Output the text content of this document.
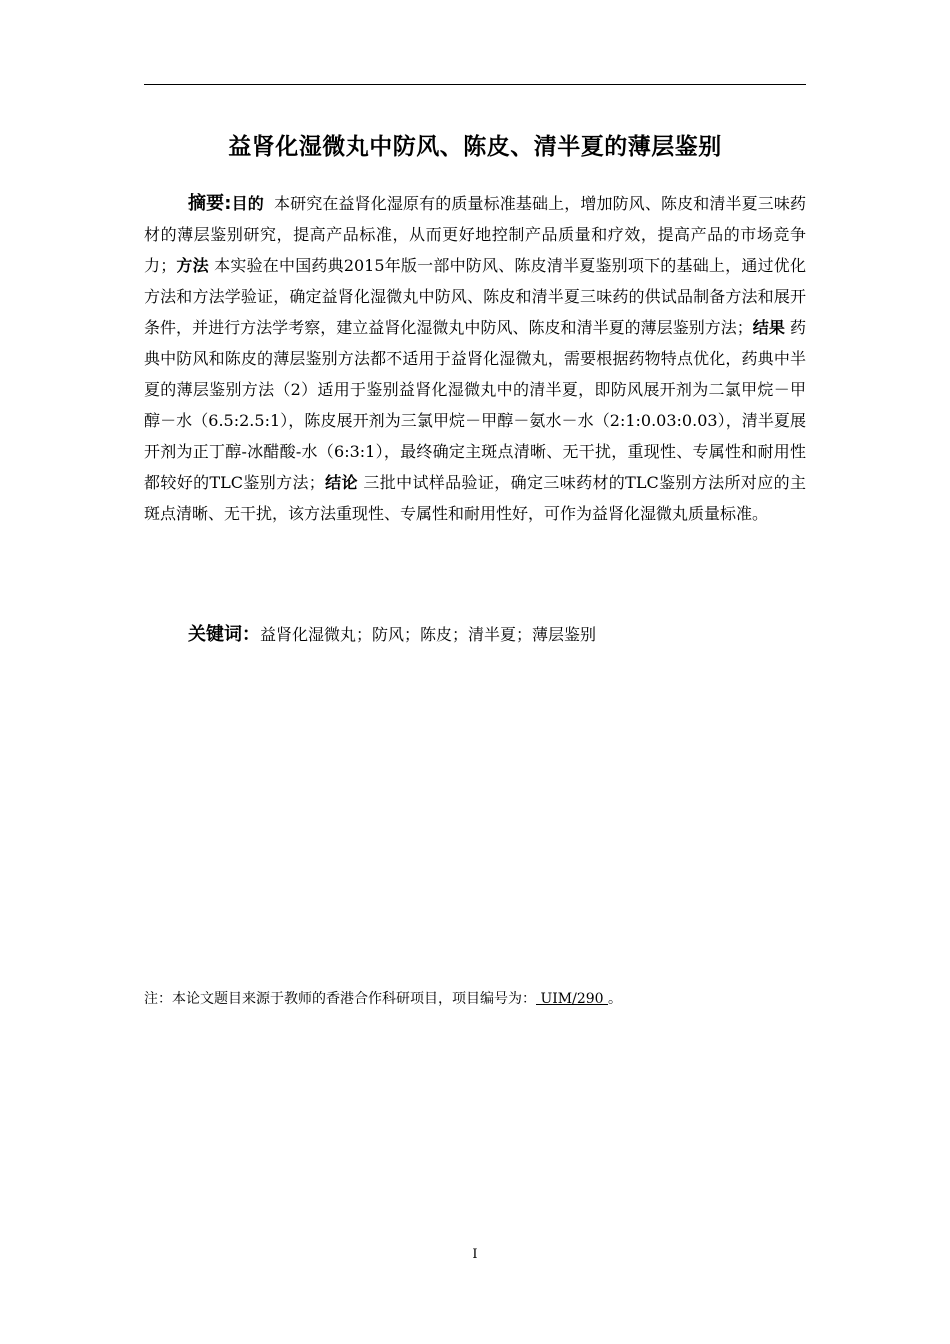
益肾化湿微丸中防风、陈皮、清半夏的薄层鉴别
摘要:目的 本研究在益肾化湿原有的质量标准基础上，增加防风、陈皮和清半夏三味药材的薄层鉴别研究，提高产品标准，从而更好地控制产品质量和疗效，提高产品的市场竞争力；方法 本实验在中国药典2015年版一部中防风、陈皮清半夏鉴别项下的基础上，通过优化方法和方法学验证，确定益肾化湿微丸中防风、陈皮和清半夏三味药的供试品制备方法和展开条件，并进行方法学考察，建立益肾化湿微丸中防风、陈皮和清半夏的薄层鉴别方法；结果 药典中防风和陈皮的薄层鉴别方法都不适用于益肾化湿微丸，需要根据药物特点优化，药典中半夏的薄层鉴别方法（2）适用于鉴别益肾化湿微丸中的清半夏，即防风展开剂为二氯甲烷－甲醇－水（6.5:2.5:1），陈皮展开剂为三氯甲烷－甲醇－氨水－水（2:1:0.03:0.03），清半夏展开剂为正丁醇-冰醋酸-水（6:3:1），最终确定主斑点清晰、无干扰，重现性、专属性和耐用性都较好的TLC鉴别方法；结论 三批中试样品验证，确定三味药材的TLC鉴别方法所对应的主斑点清晰、无干扰，该方法重现性、专属性和耐用性好，可作为益肾化湿微丸质量标准。
关键词：益肾化湿微丸；防风；陈皮；清半夏；薄层鉴别
注：本论文题目来源于教师的香港合作科研项目，项目编号为： UIM/290 。
I
